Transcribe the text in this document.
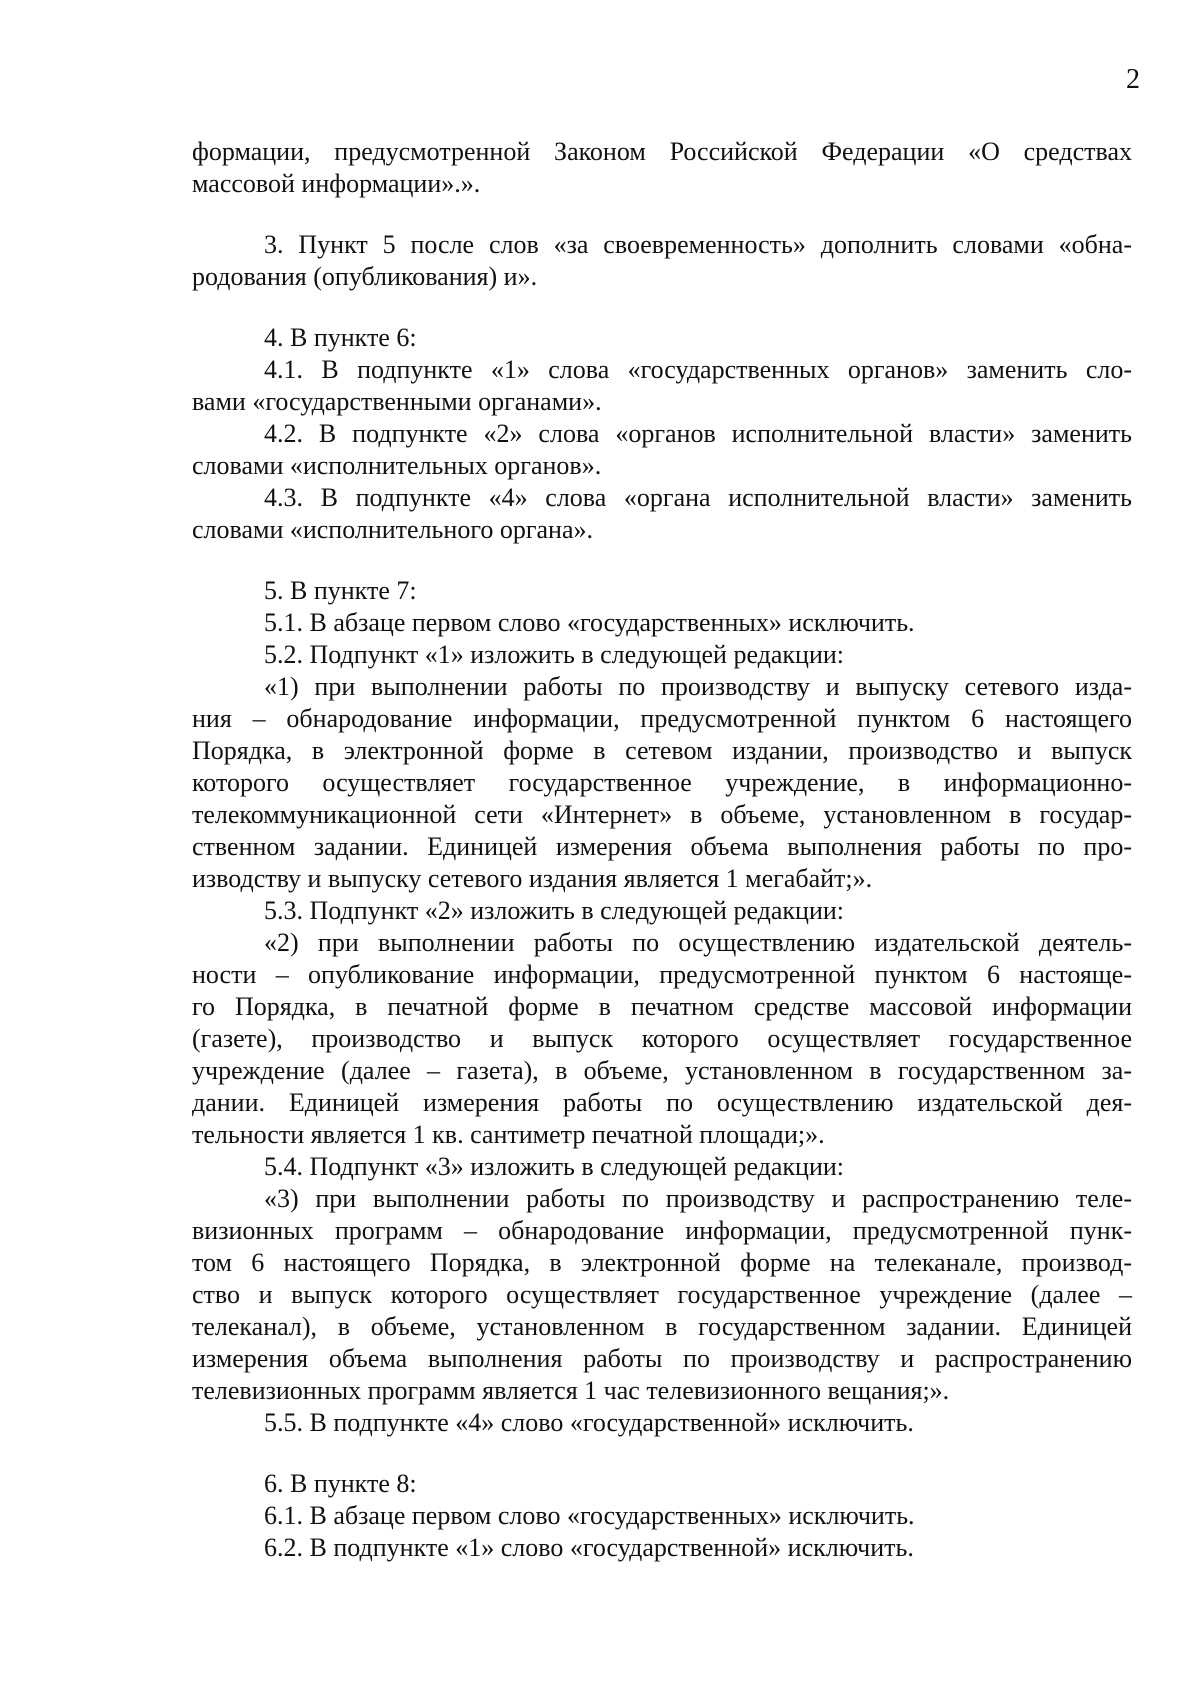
2
формации, предусмотренной Законом Российской Федерации «О средствах
массовой информации».».
3. Пункт 5 после слов «за своевременность» дополнить словами «обна-
родования (опубликования) и».
4. В пункте 6:
4.1. В подпункте «1» слова «государственных органов» заменить сло-
вами «государственными органами».
4.2. В подпункте «2» слова «органов исполнительной власти» заменить
словами «исполнительных органов».
4.3. В подпункте «4» слова «органа исполнительной власти» заменить
словами «исполнительного органа».
5. В пункте 7:
5.1. В абзаце первом слово «государственных» исключить.
5.2. Подпункт «1» изложить в следующей редакции:
«1) при выполнении работы по производству и выпуску сетевого изда-
ния – обнародование информации, предусмотренной пунктом 6 настоящего
Порядка, в электронной форме в сетевом издании, производство и выпуск
которого осуществляет государственное учреждение, в информационно-
телекоммуникационной сети «Интернет» в объеме, установленном в государ-
ственном задании. Единицей измерения объема выполнения работы по про-
изводству и выпуску сетевого издания является 1 мегабайт;».
5.3. Подпункт «2» изложить в следующей редакции:
«2) при выполнении работы по осуществлению издательской деятель-
ности – опубликование информации, предусмотренной пунктом 6 настояще-
го Порядка, в печатной форме в печатном средстве массовой информации
(газете), производство и выпуск которого осуществляет государственное
учреждение (далее – газета), в объеме, установленном в государственном за-
дании. Единицей измерения работы по осуществлению издательской дея-
тельности является 1 кв. сантиметр печатной площади;».
5.4. Подпункт «3» изложить в следующей редакции:
«3) при выполнении работы по производству и распространению теле-
визионных программ – обнародование информации, предусмотренной пунк-
том 6 настоящего Порядка, в электронной форме на телеканале, производ-
ство и выпуск которого осуществляет государственное учреждение (далее –
телеканал), в объеме, установленном в государственном задании. Единицей
измерения объема выполнения работы по производству и распространению
телевизионных программ является 1 час телевизионного вещания;».
5.5. В подпункте «4» слово «государственной» исключить.
6. В пункте 8:
6.1. В абзаце первом слово «государственных» исключить.
6.2. В подпункте «1» слово «государственной» исключить.
